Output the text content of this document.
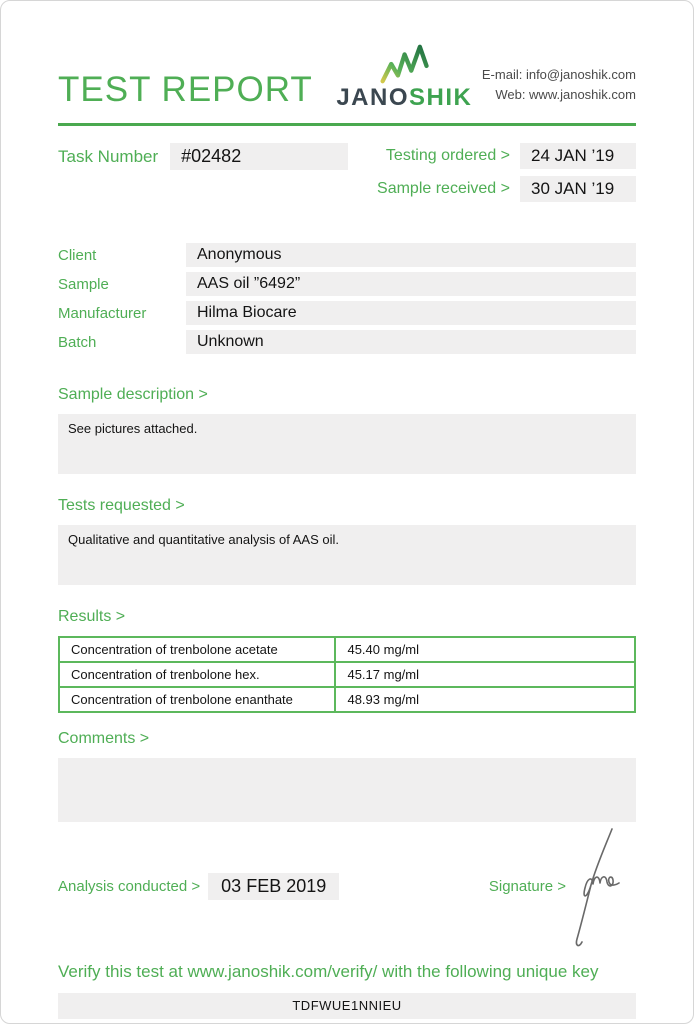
TEST REPORT JANOSHIK
E-mail: info@janoshik.com
Web: www.janoshik.com
Task Number	#02482	Testing ordered >	24 JAN ’19
Sample received >	30 JAN ’19
Client	Anonymous
Sample	AAS oil ”6492”
Manufacturer	Hilma Biocare
Batch	Unknown
Sample description >
See pictures attached.
Tests requested >
Qualitative and quantitative analysis of AAS oil.
Results >
Concentration of trenbolone acetate	45.40 mg/ml
Concentration of trenbolone hex.	45.17 mg/ml
Concentration of trenbolone enanthate	48.93 mg/ml
Comments >
Analysis conducted >	03 FEB 2019	Signature >
Verify this test at www.janoshik.com/verify/ with the following unique key
TDFWUE1NNIEU
